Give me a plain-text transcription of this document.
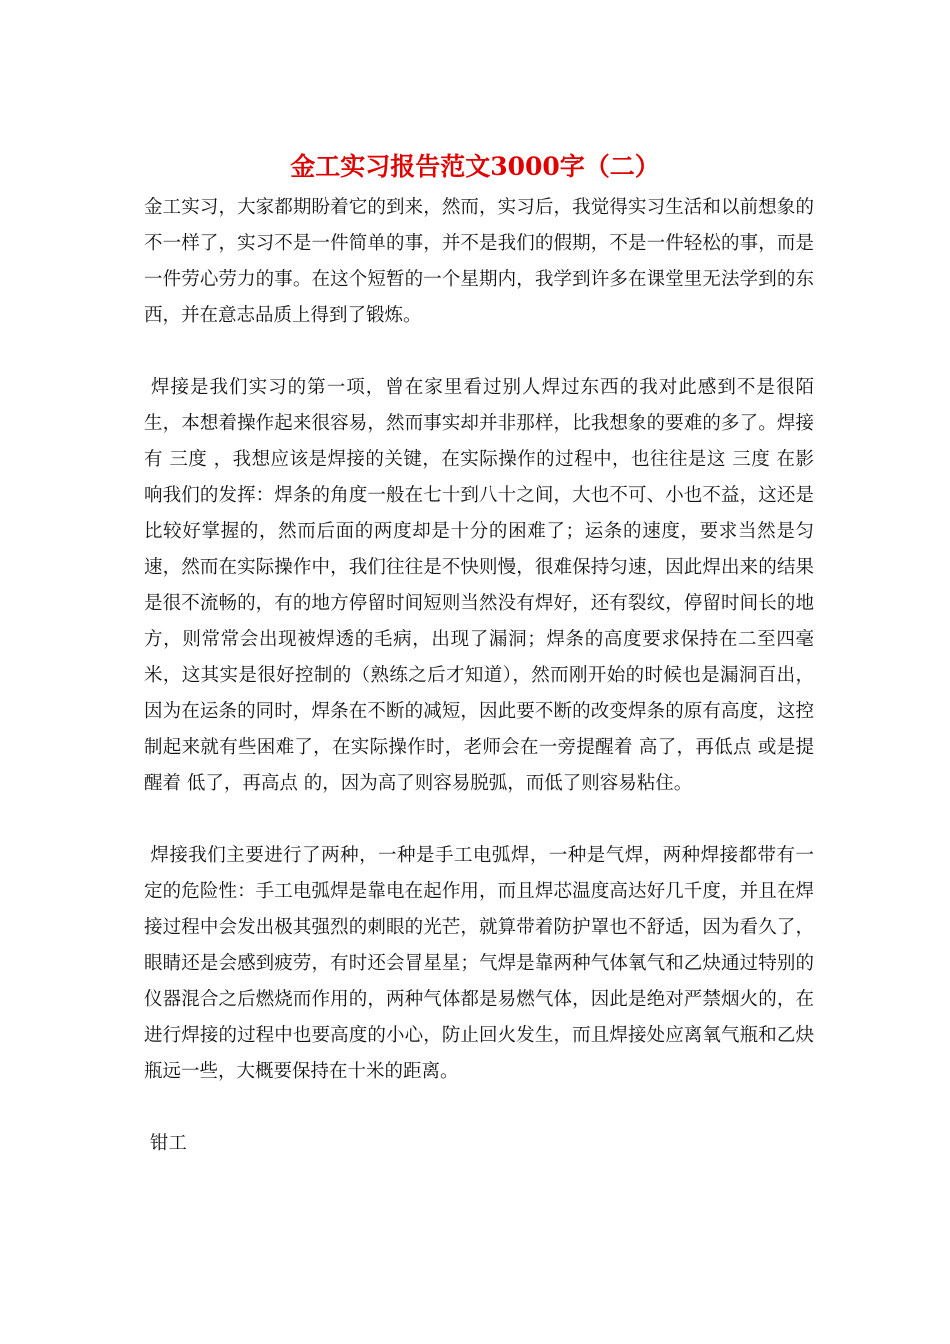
金工实习报告范文3000字（二）

金工实习，大家都期盼着它的到来，然而，实习后，我觉得实习生活和以前想象的不一样了，实习不是一件简单的事，并不是我们的假期，不是一件轻松的事，而是一件劳心劳力的事。在这个短暂的一个星期内，我学到许多在课堂里无法学到的东西，并在意志品质上得到了锻炼。

焊接是我们实习的第一项，曾在家里看过别人焊过东西的我对此感到不是很陌生，本想着操作起来很容易，然而事实却并非那样，比我想象的要难的多了。焊接有 三度 ，我想应该是焊接的关键，在实际操作的过程中，也往往是这 三度 在影响我们的发挥：焊条的角度一般在七十到八十之间，大也不可、小也不益，这还是比较好掌握的，然而后面的两度却是十分的困难了；运条的速度，要求当然是匀速，然而在实际操作中，我们往往是不快则慢，很难保持匀速，因此焊出来的结果是很不流畅的，有的地方停留时间短则当然没有焊好，还有裂纹，停留时间长的地方，则常常会出现被焊透的毛病，出现了漏洞；焊条的高度要求保持在二至四毫米，这其实是很好控制的（熟练之后才知道），然而刚开始的时候也是漏洞百出，因为在运条的同时，焊条在不断的减短，因此要不断的改变焊条的原有高度，这控制起来就有些困难了，在实际操作时，老师会在一旁提醒着 高了，再低点 或是提醒着 低了，再高点 的，因为高了则容易脱弧，而低了则容易粘住。

焊接我们主要进行了两种，一种是手工电弧焊，一种是气焊，两种焊接都带有一定的危险性：手工电弧焊是靠电在起作用，而且焊芯温度高达好几千度，并且在焊接过程中会发出极其强烈的刺眼的光芒，就算带着防护罩也不舒适，因为看久了，眼睛还是会感到疲劳，有时还会冒星星；气焊是靠两种气体氧气和乙炔通过特别的仪器混合之后燃烧而作用的，两种气体都是易燃气体，因此是绝对严禁烟火的，在进行焊接的过程中也要高度的小心，防止回火发生，而且焊接处应离氧气瓶和乙炔瓶远一些，大概要保持在十米的距离。

钳工
